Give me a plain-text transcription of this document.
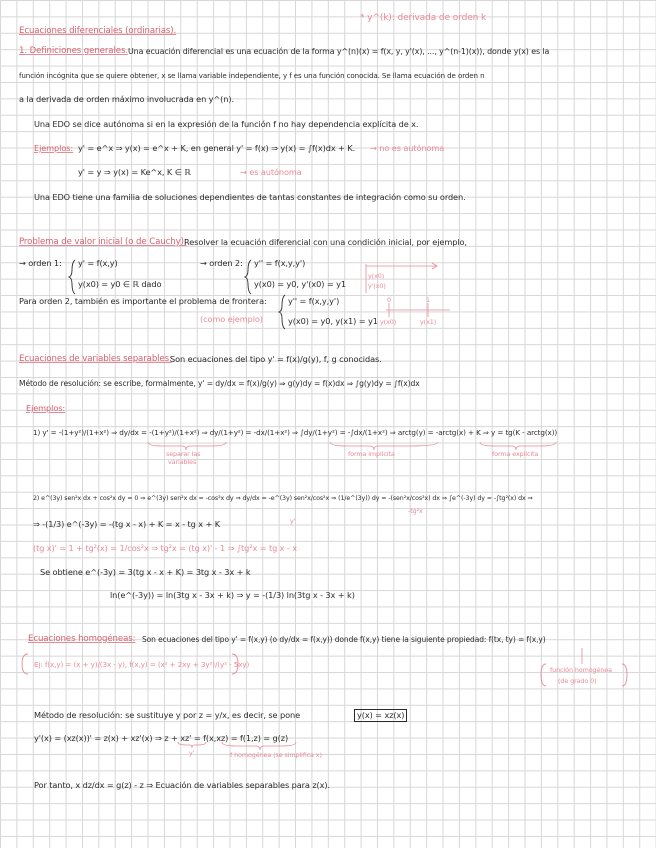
Ecuaciones diferenciales (ordinarias).
* y^(k): derivada de orden k
1. Definiciones generales. Una ecuación diferencial es una ecuación de la forma y^(n)(x) = f(x, y, y'(x), ..., y^(n-1)(x)), donde y(x) es la
función incógnita que se quiere obtener, x se llama variable independiente, y f es una función conocida. Se llama ecuación de orden n
a la derivada de orden máximo involucrada en y^(n).
Una EDO se dice autónoma si en la expresión de la función f no hay dependencia explícita de x.
Ejemplos: y' = e^x ⇒ y(x) = e^x + K, en general y' = f(x) ⇒ y(x) = ∫f(x)dx + K. → no es autónoma
y' = y ⇒ y(x) = Ke^x, K ∈ ℝ	→ es autónoma
Una EDO tiene una familia de soluciones dependientes de tantas constantes de integración como su orden.
Problema de valor inicial (o de Cauchy):
Resolver la ecuación diferencial con una condición inicial, por ejemplo,
→ orden 1: y' = f(x,y)
y(x0) = y0 ∈ ℝ dado
→ orden 2: y'' = f(x,y,y')
y(x0) = y0, y'(x0) = y1
y(x0)
y'(x0)
Para orden 2, también es importante el problema de frontera:	y'' = f(x,y,y')
y(x0) = y0, y(x1) = y1
(como ejemplo)
0	1
y(x0)	y(x1)
Ecuaciones de variables separables:
Son ecuaciones del tipo y' = f(x)/g(y), f, g conocidas.
Método de resolución: se escribe, formalmente, y' = dy/dx = f(x)/g(y) ⇒ g(y)dy = f(x)dx ⇒ ∫g(y)dy = ∫f(x)dx
Ejemplos:
1) y' = -(1+y²)/(1+x²) ⇒ dy/dx = -(1+y²)/(1+x²) ⇒ dy/(1+y²) = -dx/(1+x²) ⇒ ∫dy/(1+y²) = -∫dx/(1+x²) ⇒ arctg(y) = -arctg(x) + K ⇒ y = tg(K - arctg(x))
separar las
variables
forma implícita	forma explícita
2) e^(3y) sen²x dx + cos²x dy = 0 ⇒ e^(3y) sen²x dx = -cos²x dy ⇒ dy/dx = -e^(3y) sen²x/cos²x ⇒ (1/e^(3y)) dy = -(sen²x/cos²x) dx ⇒ ∫e^(-3y) dy = -∫tg²(x) dx ⇒
-tg²x
y'
⇒ -(1/3) e^(-3y) = -(tg x - x) + K = x - tg x + K
(tg x)' = 1 + tg²(x) = 1/cos²x ⇒ tg²x = (tg x)' - 1 ⇒ ∫tg²x = tg x - x
Se obtiene e^(-3y) = 3(tg x - x + K) = 3tg x - 3x + k
ln(e^(-3y)) = ln(3tg x - 3x + k) ⇒ y = -(1/3) ln(3tg x - 3x + k)
Ecuaciones homogéneas: Son ecuaciones del tipo y' = f(x,y) (o dy/dx = f(x,y)) donde f(x,y) tiene la siguiente propiedad: f(tx, ty) = f(x,y)
Ej: f(x,y) = (x + y)/(3x - y), f(x,y) = (x² + 2xy + 3y²)/(y² - 5xy)
función homogénea
(de grado 0)
Método de resolución: se sustituye y por z = y/x, es decir, se pone	y(x) = xz(x)
y'(x) = (xz(x))' = z(x) + xz'(x) ⇒ z + xz' = f(x,xz) = f(1,z) = g(z)
y'	f homogénea (se simplifica x)
Por tanto, x dz/dx = g(z) - z ⇒ Ecuación de variables separables para z(x).
